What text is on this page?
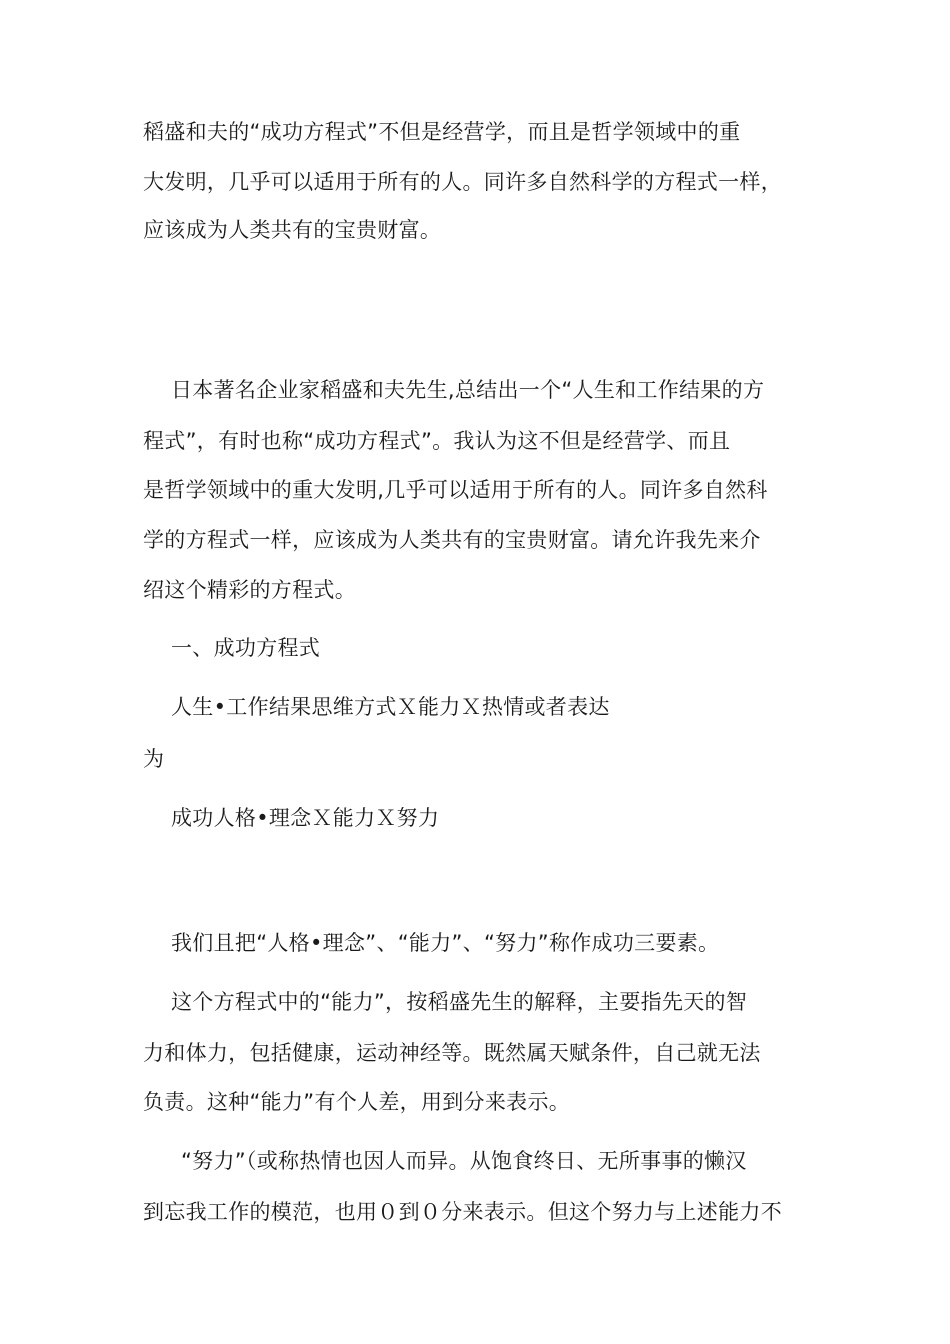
稻盛和夫的“成功方程式”不但是经营学，而且是哲学领域中的重
大发明，几乎可以适用于所有的人。同许多自然科学的方程式一样，
应该成为人类共有的宝贵财富。
日本著名企业家稻盛和夫先生,总结出一个“人生和工作结果的方
程式”，有时也称“成功方程式”。我认为这不但是经营学、而且
是哲学领域中的重大发明,几乎可以适用于所有的人。同许多自然科
学的方程式一样，应该成为人类共有的宝贵财富。请允许我先来介
绍这个精彩的方程式。
一、成功方程式
人生•工作结果思维方式Ｘ能力Ｘ热情或者表达
为
成功人格•理念Ｘ能力Ｘ努力
我们且把“人格•理念”、“能力”、“努力”称作成功三要素。
这个方程式中的“能力”，按稻盛先生的解释，主要指先天的智
力和体力，包括健康，运动神经等。既然属天赋条件，自己就无法
负责。这种“能力”有个人差，用到分来表示。
“努力”（或称热情也因人而异。从饱食终日、无所事事的懒汉
到忘我工作的模范，也用０到０分来表示。但这个努力与上述能力不
